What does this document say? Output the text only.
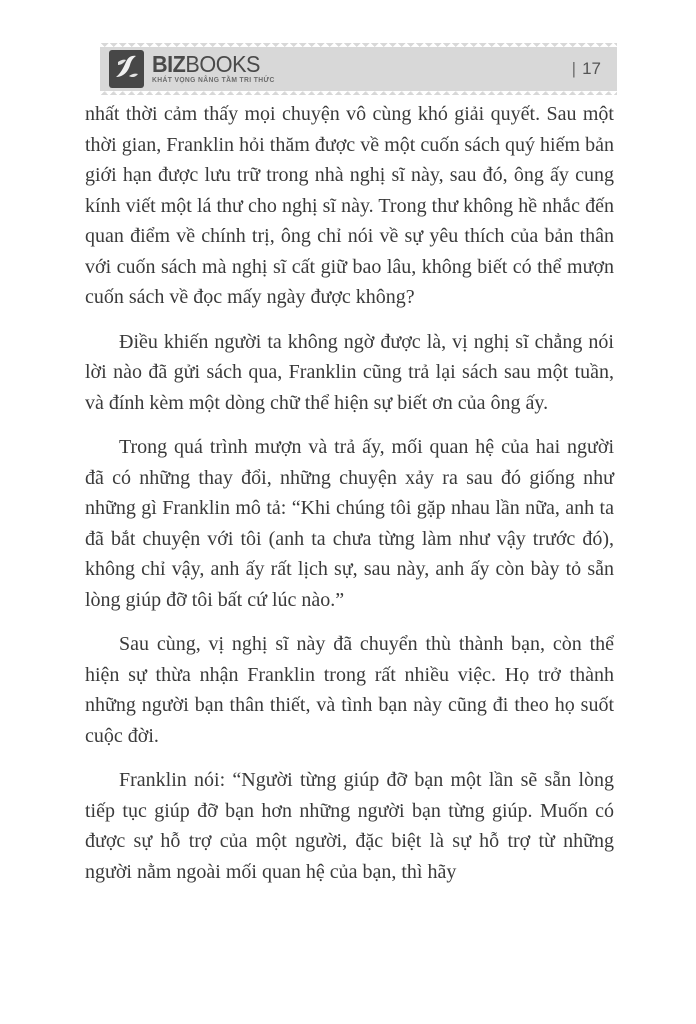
BIZBOOKS
KHÁT VỌNG NÂNG TẦM TRI THỨC
| 17

nhất thời cảm thấy mọi chuyện vô cùng khó giải quyết. Sau một thời gian, Franklin hỏi thăm được về một cuốn sách quý hiếm bản giới hạn được lưu trữ trong nhà nghị sĩ này, sau đó, ông ấy cung kính viết một lá thư cho nghị sĩ này. Trong thư không hề nhắc đến quan điểm về chính trị, ông chỉ nói về sự yêu thích của bản thân với cuốn sách mà nghị sĩ cất giữ bao lâu, không biết có thể mượn cuốn sách về đọc mấy ngày được không?

Điều khiến người ta không ngờ được là, vị nghị sĩ chẳng nói lời nào đã gửi sách qua, Franklin cũng trả lại sách sau một tuần, và đính kèm một dòng chữ thể hiện sự biết ơn của ông ấy.

Trong quá trình mượn và trả ấy, mối quan hệ của hai người đã có những thay đổi, những chuyện xảy ra sau đó giống như những gì Franklin mô tả: “Khi chúng tôi gặp nhau lần nữa, anh ta đã bắt chuyện với tôi (anh ta chưa từng làm như vậy trước đó), không chỉ vậy, anh ấy rất lịch sự, sau này, anh ấy còn bày tỏ sẵn lòng giúp đỡ tôi bất cứ lúc nào.”

Sau cùng, vị nghị sĩ này đã chuyển thù thành bạn, còn thể hiện sự thừa nhận Franklin trong rất nhiều việc. Họ trở thành những người bạn thân thiết, và tình bạn này cũng đi theo họ suốt cuộc đời.

Franklin nói: “Người từng giúp đỡ bạn một lần sẽ sẵn lòng tiếp tục giúp đỡ bạn hơn những người bạn từng giúp. Muốn có được sự hỗ trợ của một người, đặc biệt là sự hỗ trợ từ những người nằm ngoài mối quan hệ của bạn, thì hãy
